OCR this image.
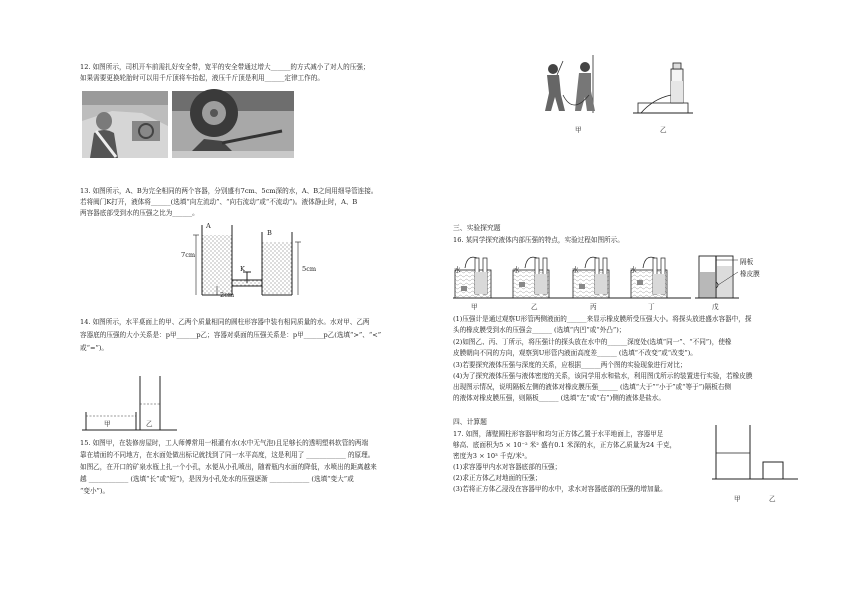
12. 如图所示，司机开车前需扎好安全带，宽平的安全带通过增大______的方式减小了对人的压强；
如果需要更换轮胎时可以用千斤顶将车抬起，液压千斤顶是利用______定律工作的。
13. 如图所示，A、B为完全相同的两个容器，分别盛有7cm、5cm深的水，A、B之间用细导管连接。
若将阀门K打开，液体将______(选填“向左流动”、“向右流动”或“不流动”)。液体静止时，A、B
两容器底部受到水的压强之比为______。
A
B
K
7cm
5cm
2cm
14. 如图所示，水平桌面上的甲、乙两个质量相同的圆柱形容器中装有相同质量的水。水对甲、乙两
容器底的压强的大小关系是：p甲______p乙；容器对桌面的压强关系是：p甲______p乙(选填“>”、“<”
或“=”)。
甲	乙
15. 如图甲，在装修房屋时，工人师傅常用一根灌有水(水中无气泡)且足够长的透明塑料软管的两端
靠在墙面的不同地方，在水面处做出标记就找到了同一水平高度，这是利用了 ____________ 的原理。
如图乙，在开口的矿泉水瓶上扎一个小孔，水便从小孔喷出，随着瓶内水面的降低，水喷出的距离越来
越 ____________ (选填“长”或“短”)，是因为小孔处水的压强逐渐 ____________ (选填“变大”或
“变小”)。
甲	乙
三、实验探究题
16. 某同学探究液体内部压强的特点，实验过程如图所示。
水	水	水	水
隔板
橡皮膜
甲	乙	丙	丁	戊
(1)压强计是通过观察U形管两侧液面的______来显示橡皮膜所受压强大小。将探头放进盛水容器中，探
头的橡皮膜受到水的压强会______ (选填“内凹”或“外凸”)；
(2)如图乙、丙、丁所示，将压强计的探头放在水中的______深度处(选填“同一”、“不同”)，使橡
皮膜朝向不同的方向，观察到U形管内液面高度差______ (选填“不改变”或“改变”)。
(3)若要探究液体压强与深度的关系，应根据______两个图的实验现象进行对比；
(4)为了探究液体压强与液体密度的关系，该同学用水和盐水，利用图戊所示的装置进行实验，若橡皮膜
出现图示情况，说明隔板左侧的液体对橡皮膜压强______ (选填“大于”“小于”或“等于”)隔板右侧
的液体对橡皮膜压强，则隔板______ (选填“左”或“右”)侧的液体是盐水。
四、计算题
17. 如图，薄壁圆柱形容器甲和均匀正方体乙置于水平地面上，容器甲足
够高、底面积为5 × 10⁻² 米² 盛有0.1 米深的水，正方体乙质量为24 千克，
密度为3 × 10³ 千克/米³。
(1)求容器甲内水对容器底部的压强；
(2)求正方体乙对地面的压强；
(3)若将正方体乙浸没在容器甲的水中，求水对容器底部的压强的增加量。
甲	乙
